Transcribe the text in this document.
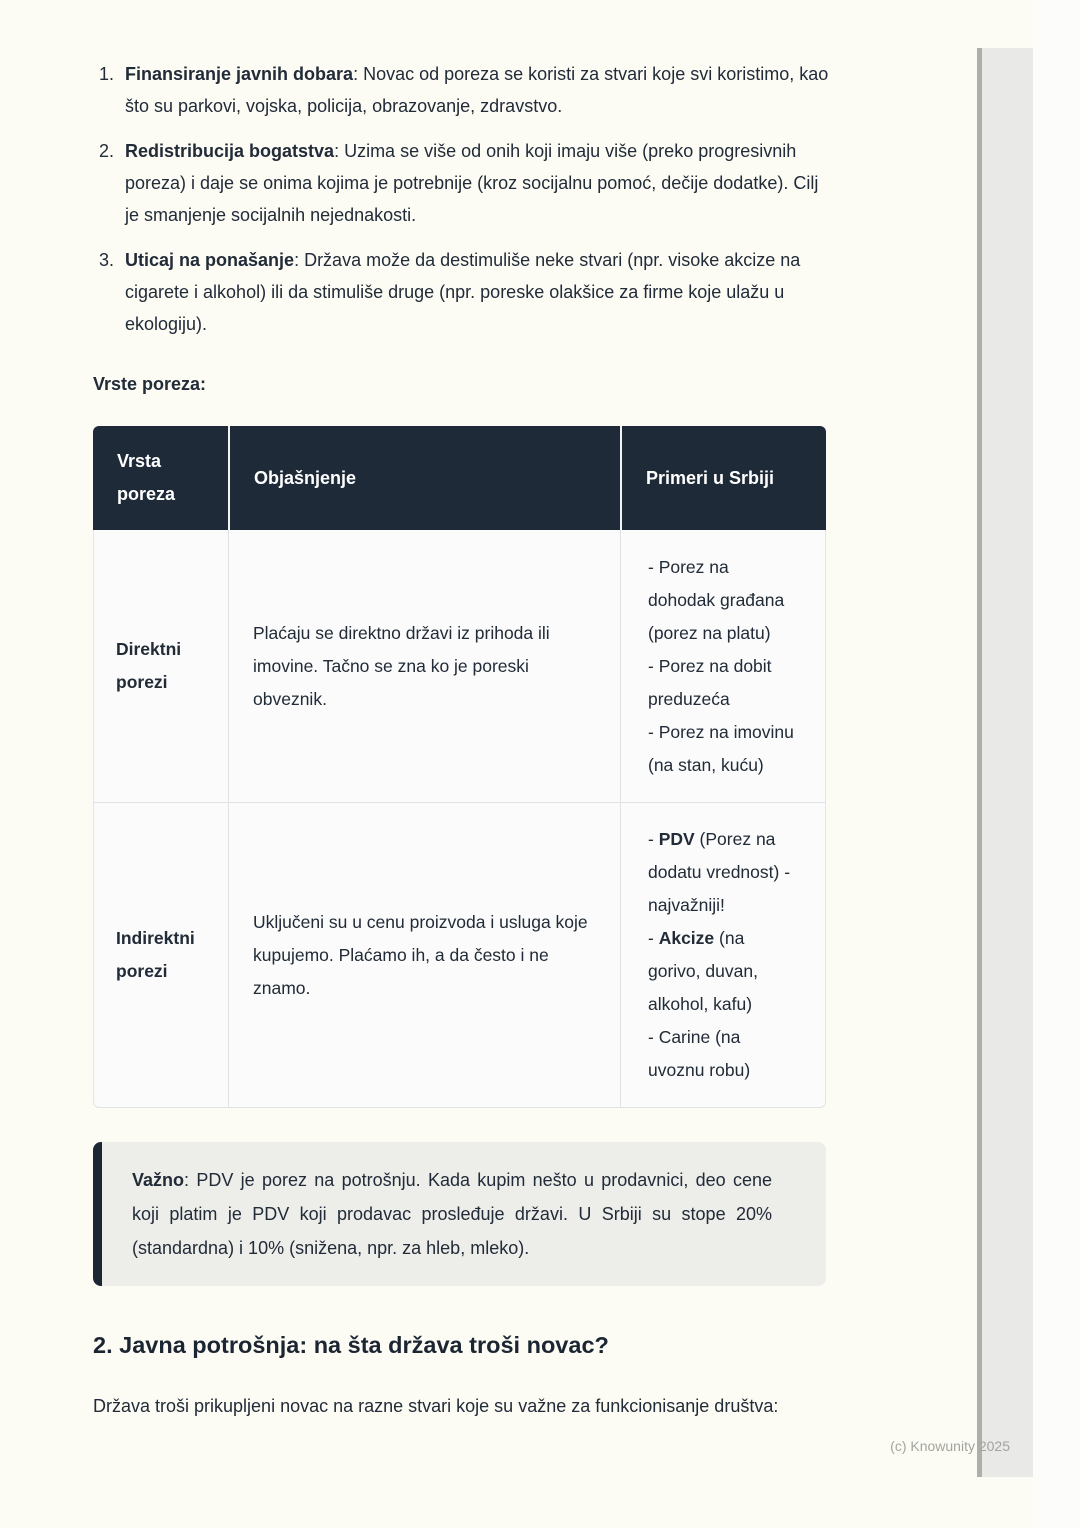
1. Finansiranje javnih dobara: Novac od poreza se koristi za stvari koje svi koristimo, kao što su parkovi, vojska, policija, obrazovanje, zdravstvo.
2. Redistribucija bogatstva: Uzima se više od onih koji imaju više (preko progresivnih poreza) i daje se onima kojima je potrebnije (kroz socijalnu pomoć, dečije dodatke). Cilj je smanjenje socijalnih nejednakosti.
3. Uticaj na ponašanje: Država može da destimuliše neke stvari (npr. visoke akcize na cigarete i alkohol) ili da stimuliše druge (npr. poreske olakšice za firme koje ulažu u ekologiju).
Vrste poreza:
Vrsta poreza	Objašnjenje	Primeri u Srbiji
Direktni porezi	Plaćaju se direktno državi iz prihoda ili imovine. Tačno se zna ko je poreski obveznik.	- Porez na dohodak građana (porez na platu)
- Porez na dobit preduzeća
- Porez na imovinu (na stan, kuću)

Indirektni porezi	Uključeni su u cenu proizvoda i usluga koje kupujemo. Plaćamo ih, a da često i ne znamo.	- PDV (Porez na dodatu vrednost) - najvažniji!
- Akcize (na gorivo, duvan, alkohol, kafu)
- Carine (na uvoznu robu)
Važno: PDV je porez na potrošnju. Kada kupim nešto u prodavnici, deo cene koji platim je PDV koji prodavac prosleđuje državi. U Srbiji su stope 20% (standardna) i 10% (snižena, npr. za hleb, mleko).
2. Javna potrošnja: na šta država troši novac?
Država troši prikupljeni novac na razne stvari koje su važne za funkcionisanje društva:
(c) Knowunity 2025
